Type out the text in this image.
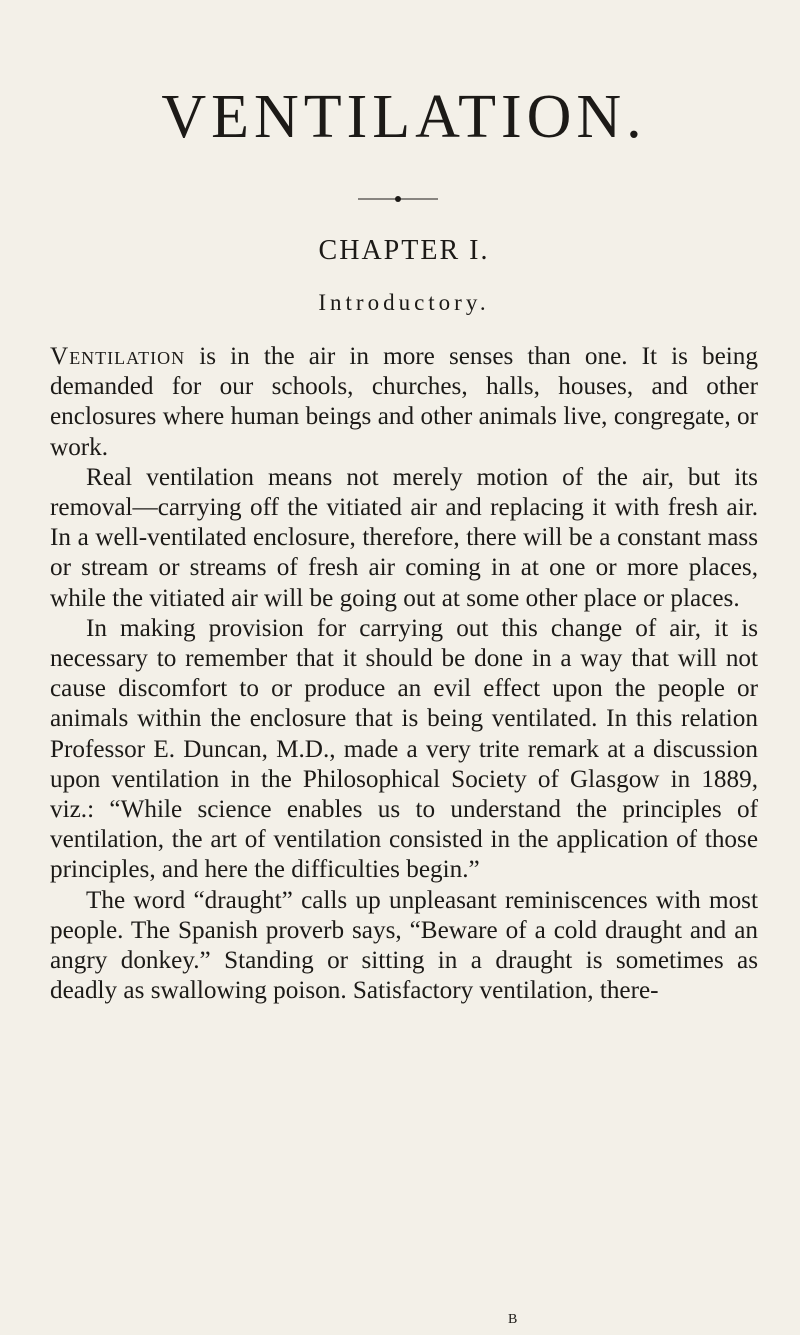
VENTILATION.
CHAPTER I.
Introductory.

Ventilation is in the air in more senses than one. It is being demanded for our schools, churches, halls, houses, and other enclosures where human beings and other animals live, congregate, or work.

Real ventilation means not merely motion of the air, but its removal—carrying off the vitiated air and replacing it with fresh air. In a well-ventilated enclosure, therefore, there will be a constant mass or stream or streams of fresh air coming in at one or more places, while the vitiated air will be going out at some other place or places.

In making provision for carrying out this change of air, it is necessary to remember that it should be done in a way that will not cause discomfort to or produce an evil effect upon the people or animals within the enclosure that is being ventilated. In this relation Professor E. Duncan, M.D., made a very trite remark at a discussion upon ventilation in the Philosophical Society of Glasgow in 1889, viz.: “While science enables us to understand the principles of ventilation, the art of ventilation consisted in the application of those principles, and here the difficulties begin.”

The word “draught” calls up unpleasant reminiscences with most people. The Spanish proverb says, “Beware of a cold draught and an angry donkey.” Standing or sitting in a draught is sometimes as deadly as swallowing poison. Satisfactory ventilation, there-

B
